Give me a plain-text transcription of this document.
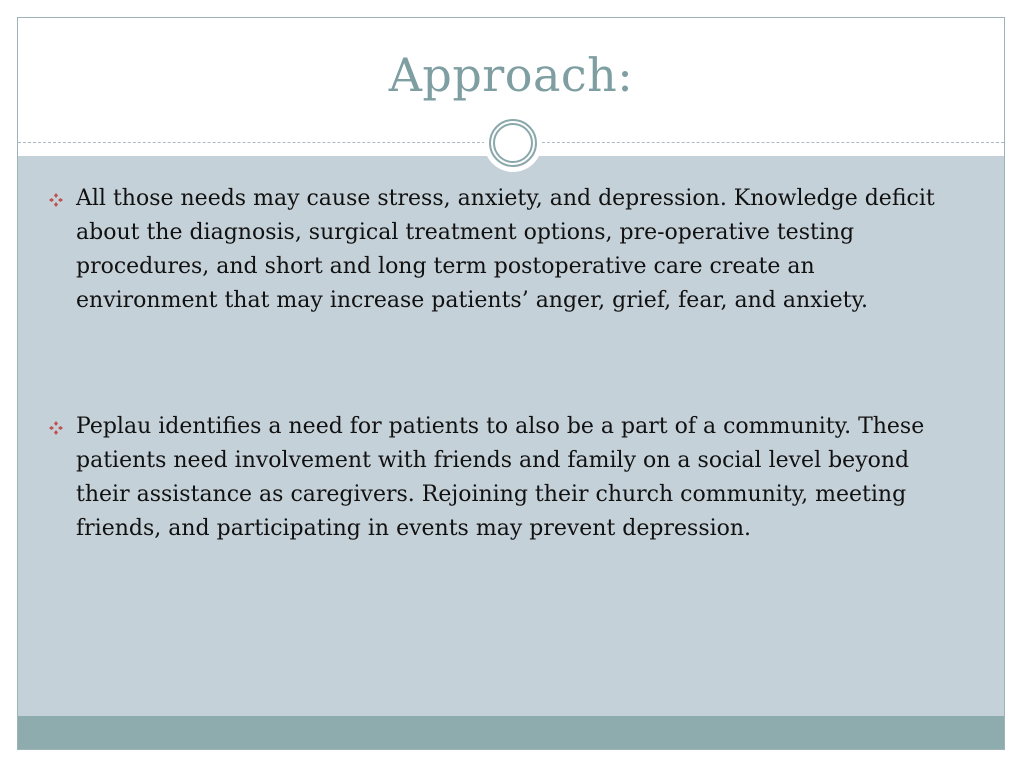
Approach:
All those needs may cause stress, anxiety, and depression. Knowledge deficit about the diagnosis, surgical treatment options, pre-operative testing procedures, and short and long term postoperative care create an environment that may increase patients’ anger, grief, fear, and anxiety.
Peplau identifies a need for patients to also be a part of a community. These patients need involvement with friends and family on a social level beyond their assistance as caregivers. Rejoining their church community, meeting friends, and participating in events may prevent depression.
